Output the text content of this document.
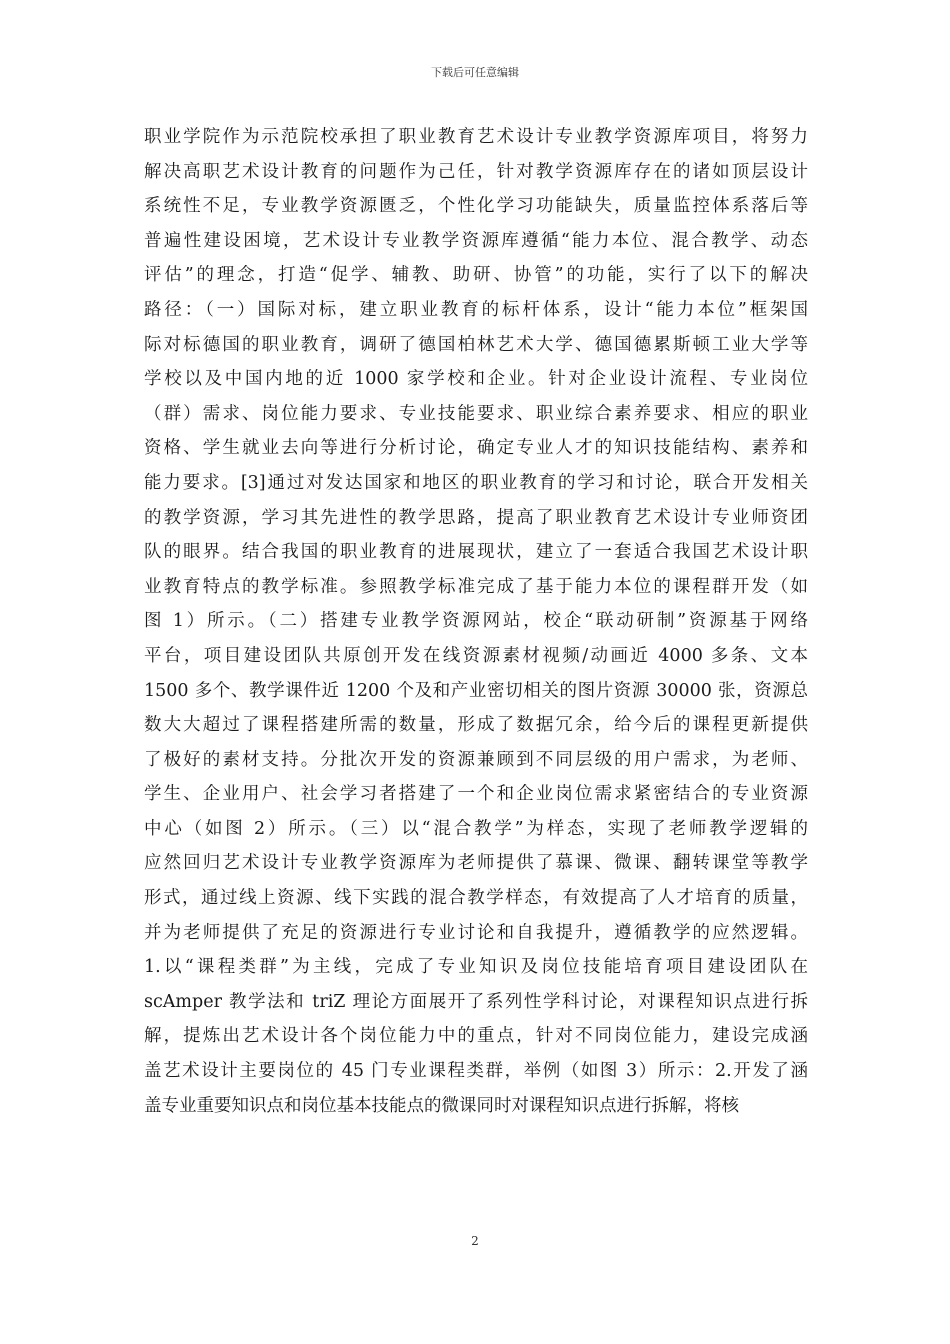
下载后可任意编辑
职业学院作为示范院校承担了职业教育艺术设计专业教学资源库项目，将努力
解决高职艺术设计教育的问题作为己任，针对教学资源库存在的诸如顶层设计
系统性不足，专业教学资源匮乏，个性化学习功能缺失，质量监控体系落后等
普遍性建设困境，艺术设计专业教学资源库遵循“能力本位、混合教学、动态
评估”的理念，打造“促学、辅教、助研、协管”的功能，实行了以下的解决
路径：（一）国际对标，建立职业教育的标杆体系，设计“能力本位”框架国
际对标德国的职业教育，调研了德国柏林艺术大学、德国德累斯顿工业大学等
学校以及中国内地的近 1000 家学校和企业。针对企业设计流程、专业岗位
（群）需求、岗位能力要求、专业技能要求、职业综合素养要求、相应的职业
资格、学生就业去向等进行分析讨论，确定专业人才的知识技能结构、素养和
能力要求。[3]通过对发达国家和地区的职业教育的学习和讨论，联合开发相关
的教学资源，学习其先进性的教学思路，提高了职业教育艺术设计专业师资团
队的眼界。结合我国的职业教育的进展现状，建立了一套适合我国艺术设计职
业教育特点的教学标准。参照教学标准完成了基于能力本位的课程群开发（如
图 1）所示。（二）搭建专业教学资源网站，校企“联动研制”资源基于网络
平台，项目建设团队共原创开发在线资源素材视频/动画近 4000 多条、文本
1500 多个、教学课件近 1200 个及和产业密切相关的图片资源 30000 张，资源总
数大大超过了课程搭建所需的数量，形成了数据冗余，给今后的课程更新提供
了极好的素材支持。分批次开发的资源兼顾到不同层级的用户需求，为老师、
学生、企业用户、社会学习者搭建了一个和企业岗位需求紧密结合的专业资源
中心（如图 2）所示。（三）以“混合教学”为样态，实现了老师教学逻辑的
应然回归艺术设计专业教学资源库为老师提供了慕课、微课、翻转课堂等教学
形式，通过线上资源、线下实践的混合教学样态，有效提高了人才培育的质量，
并为老师提供了充足的资源进行专业讨论和自我提升，遵循教学的应然逻辑。
1.以“课程类群”为主线，完成了专业知识及岗位技能培育项目建设团队在
scAmper 教学法和 triZ 理论方面展开了系列性学科讨论，对课程知识点进行拆
解，提炼出艺术设计各个岗位能力中的重点，针对不同岗位能力，建设完成涵
盖艺术设计主要岗位的 45 门专业课程类群，举例（如图 3）所示：2.开发了涵
盖专业重要知识点和岗位基本技能点的微课同时对课程知识点进行拆解，将核
2
